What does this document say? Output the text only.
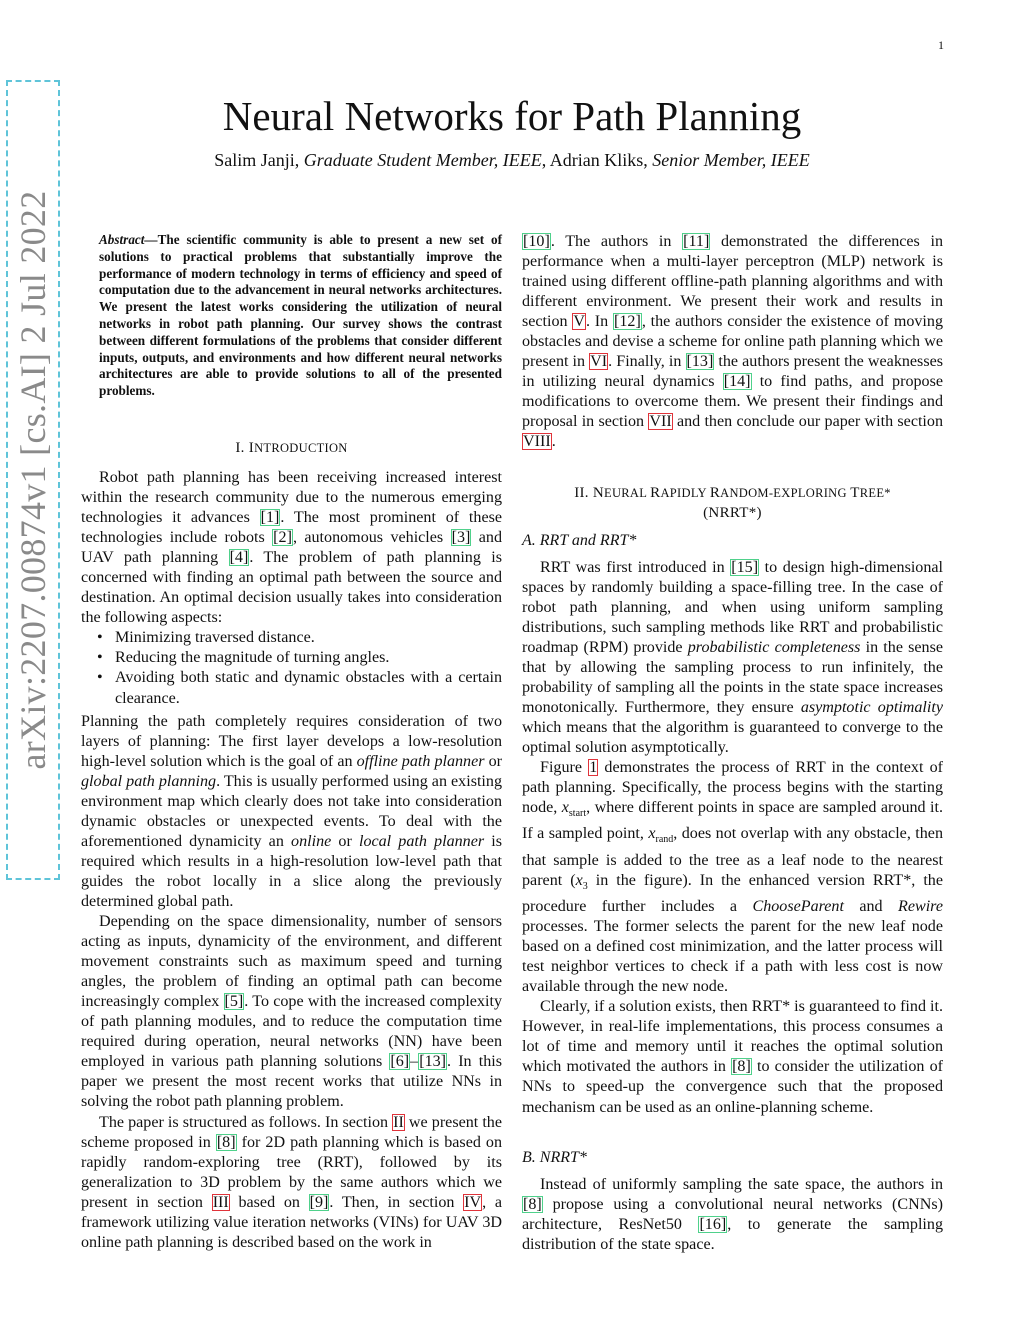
1
arXiv:2207.00874v1 [cs.AI] 2 Jul 2022
Neural Networks for Path Planning
Salim Janji, Graduate Student Member, IEEE, Adrian Kliks, Senior Member, IEEE

Abstract—The scientific community is able to present a new set of solutions to practical problems that substantially improve the performance of modern technology in terms of efficiency and speed of computation due to the advancement in neural networks architectures. We present the latest works considering the utilization of neural networks in robot path planning. Our survey shows the contrast between different formulations of the problems that consider different inputs, outputs, and environments and how different neural networks architectures are able to provide solutions to all of the presented problems.

I. INTRODUCTION

Robot path planning has been receiving increased interest within the research community due to the numerous emerging technologies it advances [1]. The most prominent of these technologies include robots [2], autonomous vehicles [3] and UAV path planning [4]. The problem of path planning is concerned with finding an optimal path between the source and destination. An optimal decision usually takes into consideration the following aspects:

• Minimizing traversed distance.
• Reducing the magnitude of turning angles.
• Avoiding both static and dynamic obstacles with a certain clearance.

Planning the path completely requires consideration of two layers of planning: The first layer develops a low-resolution high-level solution which is the goal of an offline path planner or global path planning. This is usually performed using an existing environment map which clearly does not take into consideration dynamic obstacles or unexpected events. To deal with the aforementioned dynamicity an online or local path planner is required which results in a high-resolution low-level path that guides the robot locally in a slice along the previously determined global path.

Depending on the space dimensionality, number of sensors acting as inputs, dynamicity of the environment, and different movement constraints such as maximum speed and turning angles, the problem of finding an optimal path can become increasingly complex [5]. To cope with the increased complexity of path planning modules, and to reduce the computation time required during operation, neural networks (NN) have been employed in various path planning solutions [6]–[13]. In this paper we present the most recent works that utilize NNs in solving the robot path planning problem.

The paper is structured as follows. In section II we present the scheme proposed in [8] for 2D path planning which is based on rapidly random-exploring tree (RRT), followed by its generalization to 3D problem by the same authors which we present in section III based on [9]. Then, in section IV, a framework utilizing value iteration networks (VINs) for UAV 3D online path planning is described based on the work in

[10]. The authors in [11] demonstrated the differences in performance when a multi-layer perceptron (MLP) network is trained using different offline-path planning algorithms and with different environment. We present their work and results in section V. In [12], the authors consider the existence of moving obstacles and devise a scheme for online path planning which we present in VI. Finally, in [13] the authors present the weaknesses in utilizing neural dynamics [14] to find paths, and propose modifications to overcome them. We present their findings and proposal in section VII and then conclude our paper with section VIII.

II. NEURAL RAPIDLY RANDOM-EXPLORING TREE*
(NRRT*)
A. RRT and RRT*

RRT was first introduced in [15] to design high-dimensional spaces by randomly building a space-filling tree. In the case of robot path planning, and when using uniform sampling distributions, such sampling methods like RRT and probabilistic roadmap (RPM) provide probabilistic completeness in the sense that by allowing the sampling process to run infinitely, the probability of sampling all the points in the state space increases monotonically. Furthermore, they ensure asymptotic optimality which means that the algorithm is guaranteed to converge to the optimal solution asymptotically.

Figure 1 demonstrates the process of RRT in the context of path planning. Specifically, the process begins with the starting node, $x_{start}$, where different points in space are sampled around it. If a sampled point, $x_{rand}$, does not overlap with any obstacle, then that sample is added to the tree as a leaf node to the nearest parent ($x_3$ in the figure). In the enhanced version RRT*, the procedure further includes a ChooseParent and Rewire processes. The former selects the parent for the new leaf node based on a defined cost minimization, and the latter process will test neighbor vertices to check if a path with less cost is now available through the new node.

Clearly, if a solution exists, then RRT* is guaranteed to find it. However, in real-life implementations, this process consumes a lot of time and memory until it reaches the optimal solution which motivated the authors in [8] to consider the utilization of NNs to speed-up the convergence such that the proposed mechanism can be used as an online-planning scheme.

B. NRRT*

Instead of uniformly sampling the sate space, the authors in [8] propose using a convolutional neural networks (CNNs) architecture, ResNet50 [16], to generate the sampling distribution of the state space.
